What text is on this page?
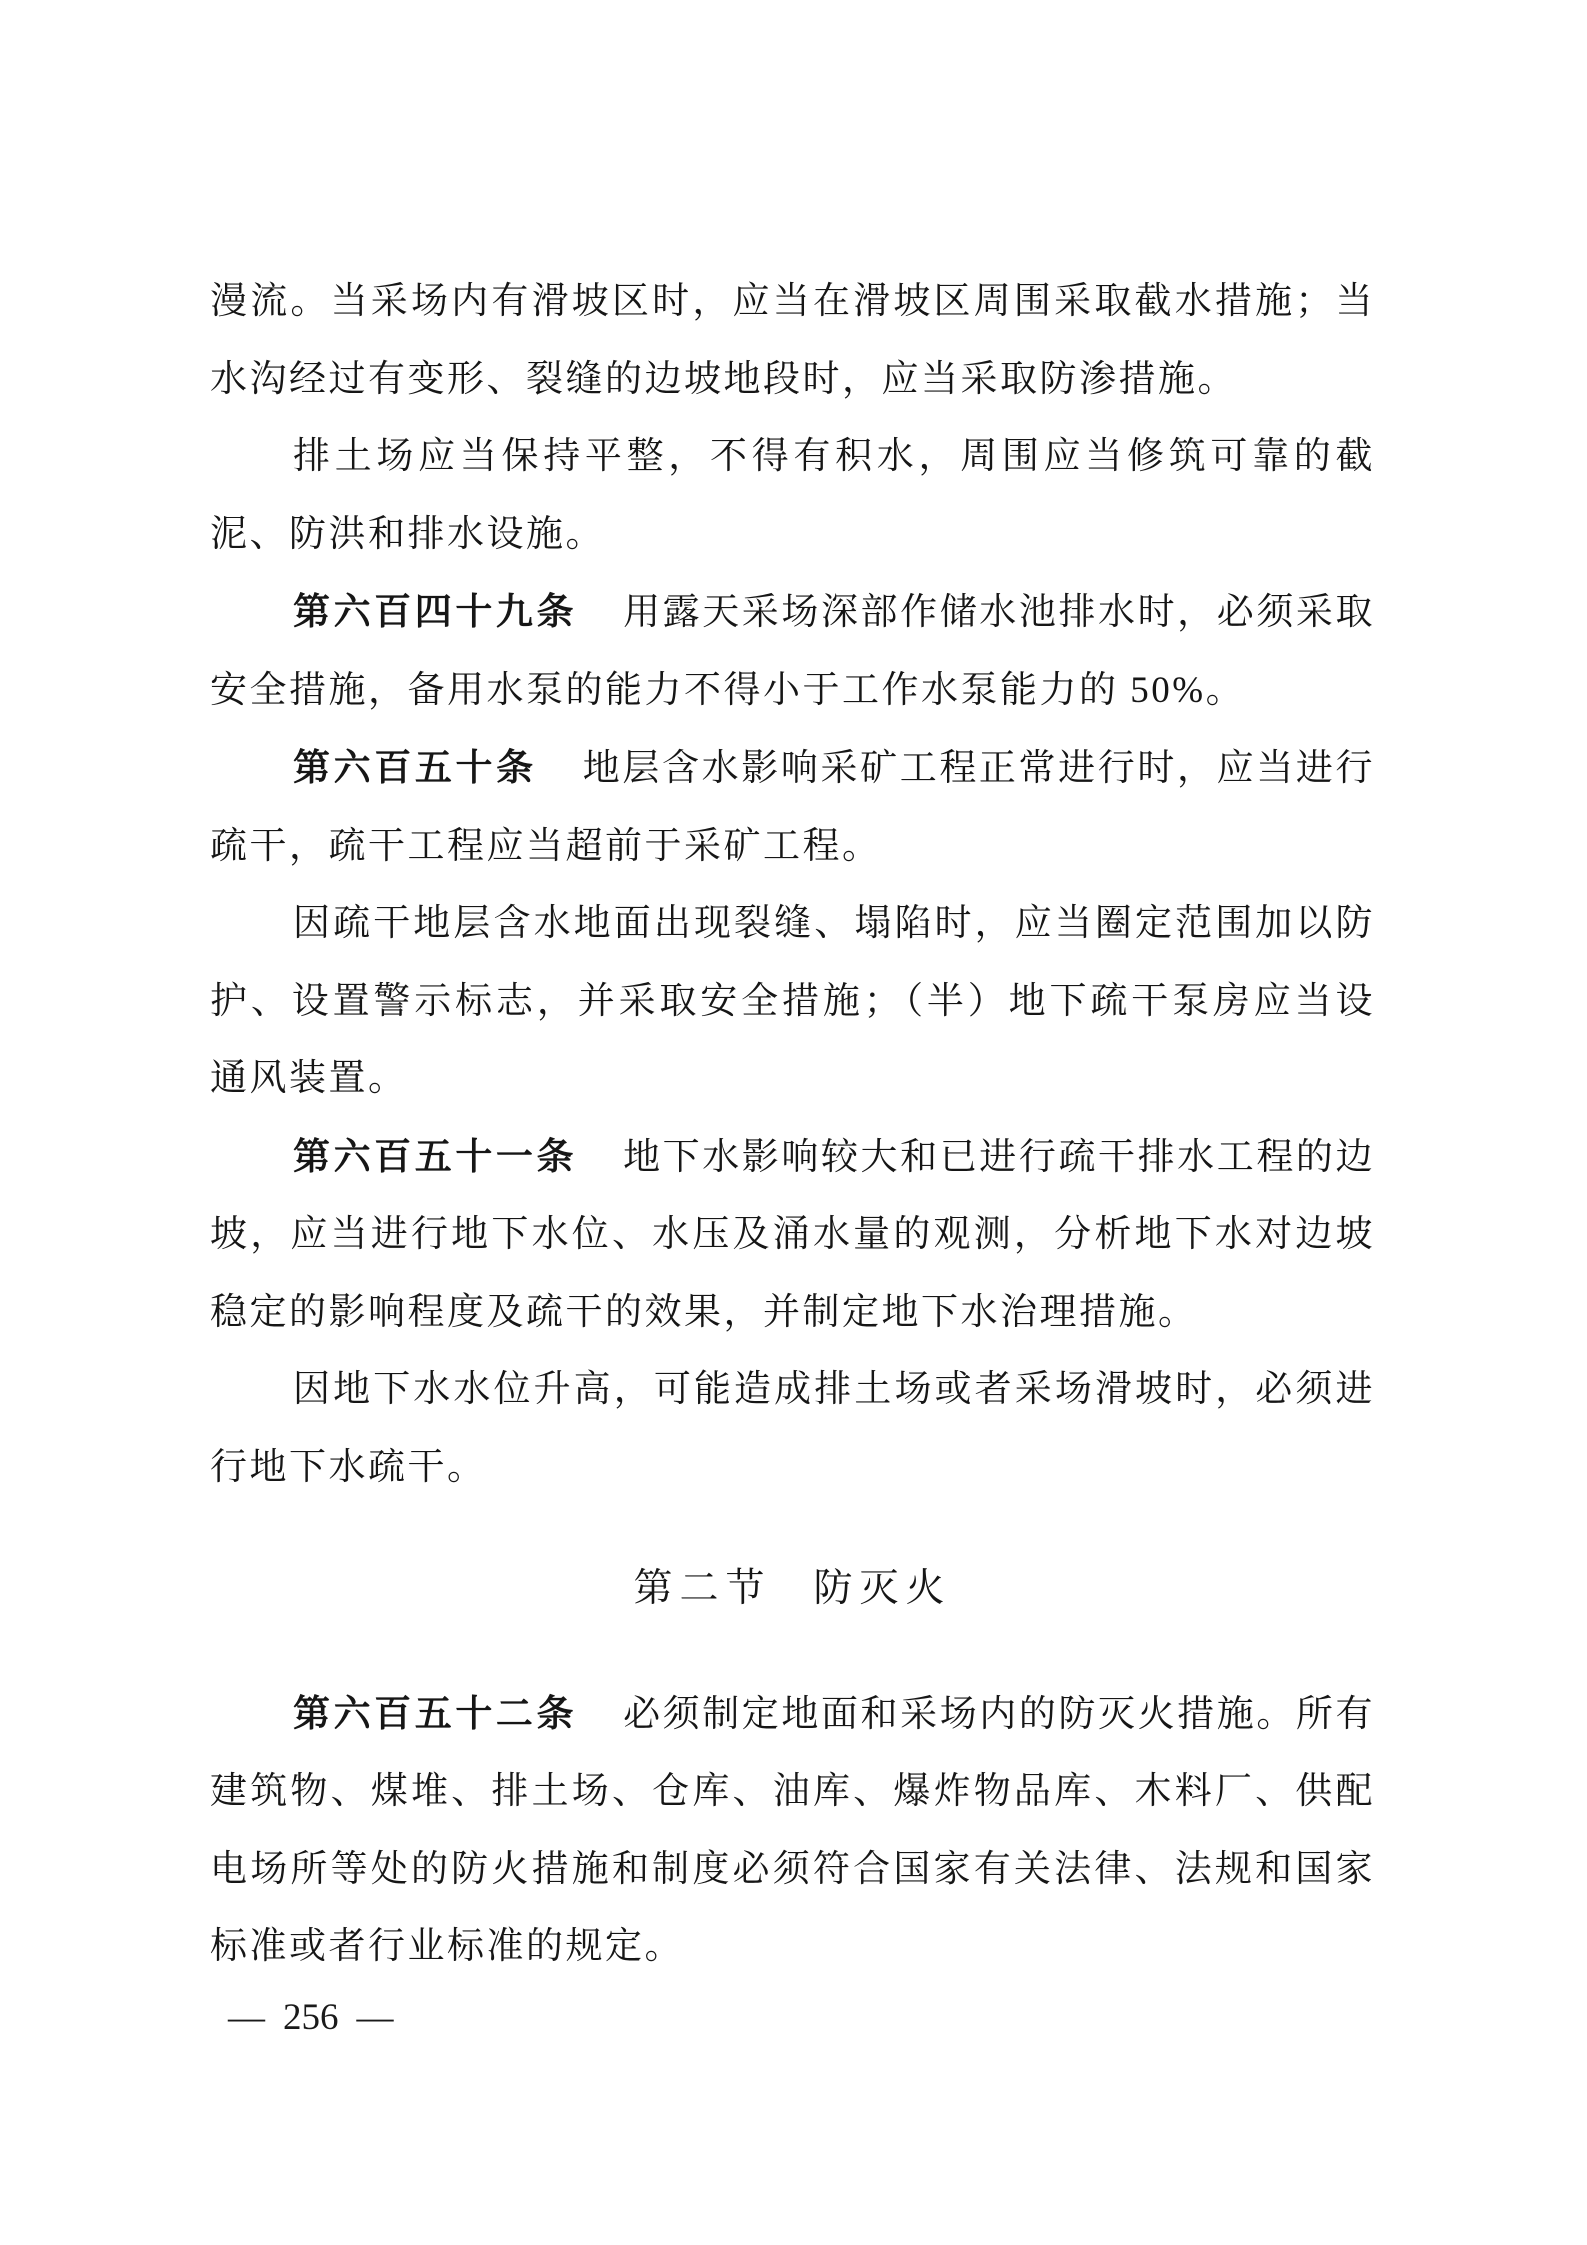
漫流。当采场内有滑坡区时，应当在滑坡区周围采取截水措施；当水沟经过有变形、裂缝的边坡地段时，应当采取防渗措施。

排土场应当保持平整，不得有积水，周围应当修筑可靠的截泥、防洪和排水设施。

第六百四十九条 用露天采场深部作储水池排水时，必须采取安全措施，备用水泵的能力不得小于工作水泵能力的 50%。

第六百五十条 地层含水影响采矿工程正常进行时，应当进行疏干，疏干工程应当超前于采矿工程。

因疏干地层含水地面出现裂缝、塌陷时，应当圈定范围加以防护、设置警示标志，并采取安全措施；（半）地下疏干泵房应当设通风装置。

第六百五十一条 地下水影响较大和已进行疏干排水工程的边坡，应当进行地下水位、水压及涌水量的观测，分析地下水对边坡稳定的影响程度及疏干的效果，并制定地下水治理措施。

因地下水水位升高，可能造成排土场或者采场滑坡时，必须进行地下水疏干。

第二节 防灭火

第六百五十二条 必须制定地面和采场内的防灭火措施。所有建筑物、煤堆、排土场、仓库、油库、爆炸物品库、木料厂、供配电场所等处的防火措施和制度必须符合国家有关法律、法规和国家标准或者行业标准的规定。

— 256 —
